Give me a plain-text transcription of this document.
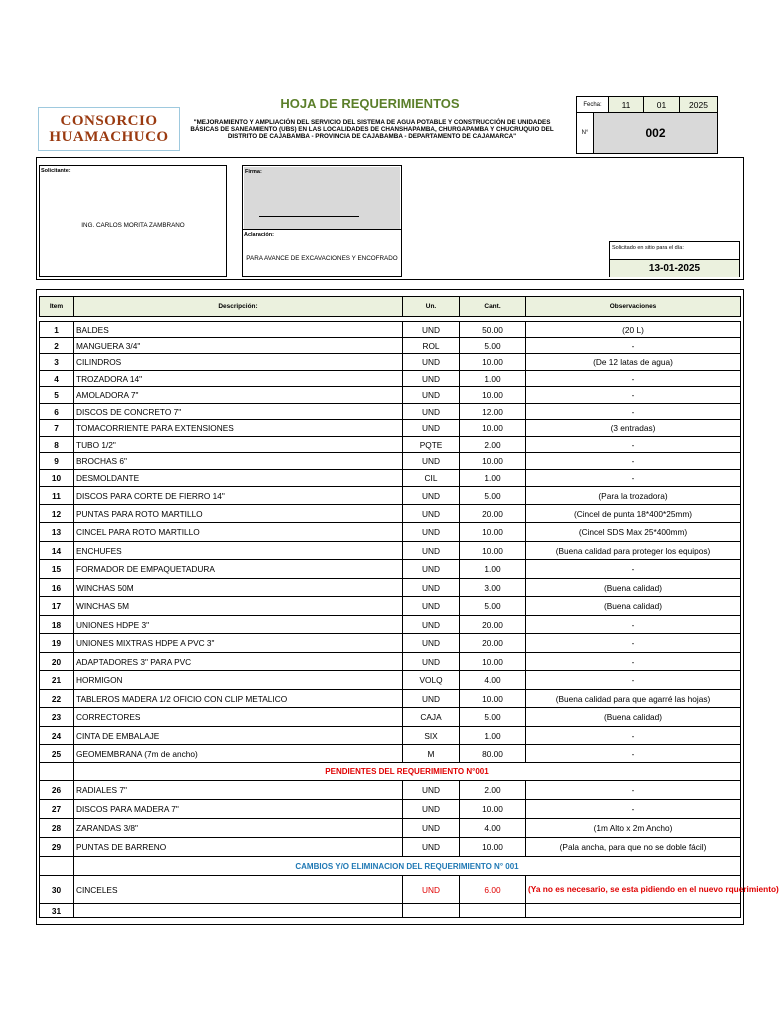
CONSORCIO
HUAMACHUCO
HOJA DE REQUERIMIENTOS
"MEJORAMIENTO Y AMPLIACIÓN DEL SERVICIO DEL SISTEMA DE AGUA POTABLE Y CONSTRUCCIÓN DE UNIDADES BÁSICAS DE SANEAMIENTO (UBS) EN LAS LOCALIDADES DE CHANSHAPAMBA, CHURGAPAMBA Y CHUCRUQUIO DEL DISTRITO DE CAJABAMBA - PROVINCIA DE CAJABAMBA - DEPARTAMENTO DE CAJAMARCA"
Fecha:	11	01	2025
N°	002
Solicitante:
ING. CARLOS MORITA ZAMBRANO
Firma:
Aclaración:
PARA AVANCE DE EXCAVACIONES Y ENCOFRADO
Solicitado en sitio para el día:
13-01-2025
Item	Descripción:	Un.	Cant.	Observaciones

1	BALDES	UND	50.00	(20 L)
2	MANGUERA 3/4"	ROL	5.00	-
3	CILINDROS	UND	10.00	(De 12 latas de agua)
4	TROZADORA 14"	UND	1.00	-
5	AMOLADORA 7"	UND	10.00	-
6	DISCOS DE CONCRETO 7"	UND	12.00	-
7	TOMACORRIENTE PARA EXTENSIONES	UND	10.00	(3 entradas)
8	TUBO 1/2"	PQTE	2.00	-
9	BROCHAS 6"	UND	10.00	-
10	DESMOLDANTE	CIL	1.00	-
11	DISCOS PARA CORTE DE FIERRO 14"	UND	5.00	(Para la trozadora)
12	PUNTAS PARA ROTO MARTILLO	UND	20.00	(Cincel de punta 18*400*25mm)
13	CINCEL PARA ROTO MARTILLO	UND	10.00	(Cincel SDS Max 25*400mm)
14	ENCHUFES	UND	10.00	(Buena calidad para proteger los equipos)
15	FORMADOR DE EMPAQUETADURA	UND	1.00	-
16	WINCHAS 50M	UND	3.00	(Buena calidad)
17	WINCHAS 5M	UND	5.00	(Buena calidad)
18	UNIONES HDPE 3"	UND	20.00	-
19	UNIONES MIXTRAS HDPE A PVC 3"	UND	20.00	-
20	ADAPTADORES 3" PARA PVC	UND	10.00	-
21	HORMIGON	VOLQ	4.00	-
22	TABLEROS MADERA 1/2 OFICIO CON CLIP METALICO	UND	10.00	(Buena calidad para que agarré las hojas)
23	CORRECTORES	CAJA	5.00	(Buena calidad)
24	CINTA DE EMBALAJE	SIX	1.00	-
25	GEOMEMBRANA (7m de ancho)	M	80.00	-
	PENDIENTES DEL REQUERIMIENTO N°001			
26	RADIALES 7"	UND	2.00	-
27	DISCOS PARA MADERA 7"	UND	10.00	-
28	ZARANDAS 3/8"	UND	4.00	(1m Alto x 2m Ancho)
29	PUNTAS DE BARRENO	UND	10.00	(Pala ancha, para que no se doble fácil)
	CAMBIOS Y/O ELIMINACION DEL REQUERIMIENTO N° 001			
30	CINCELES	UND	6.00	(Ya no es necesario, se esta pidiendo en el nuevo rquerimiento)
31				
